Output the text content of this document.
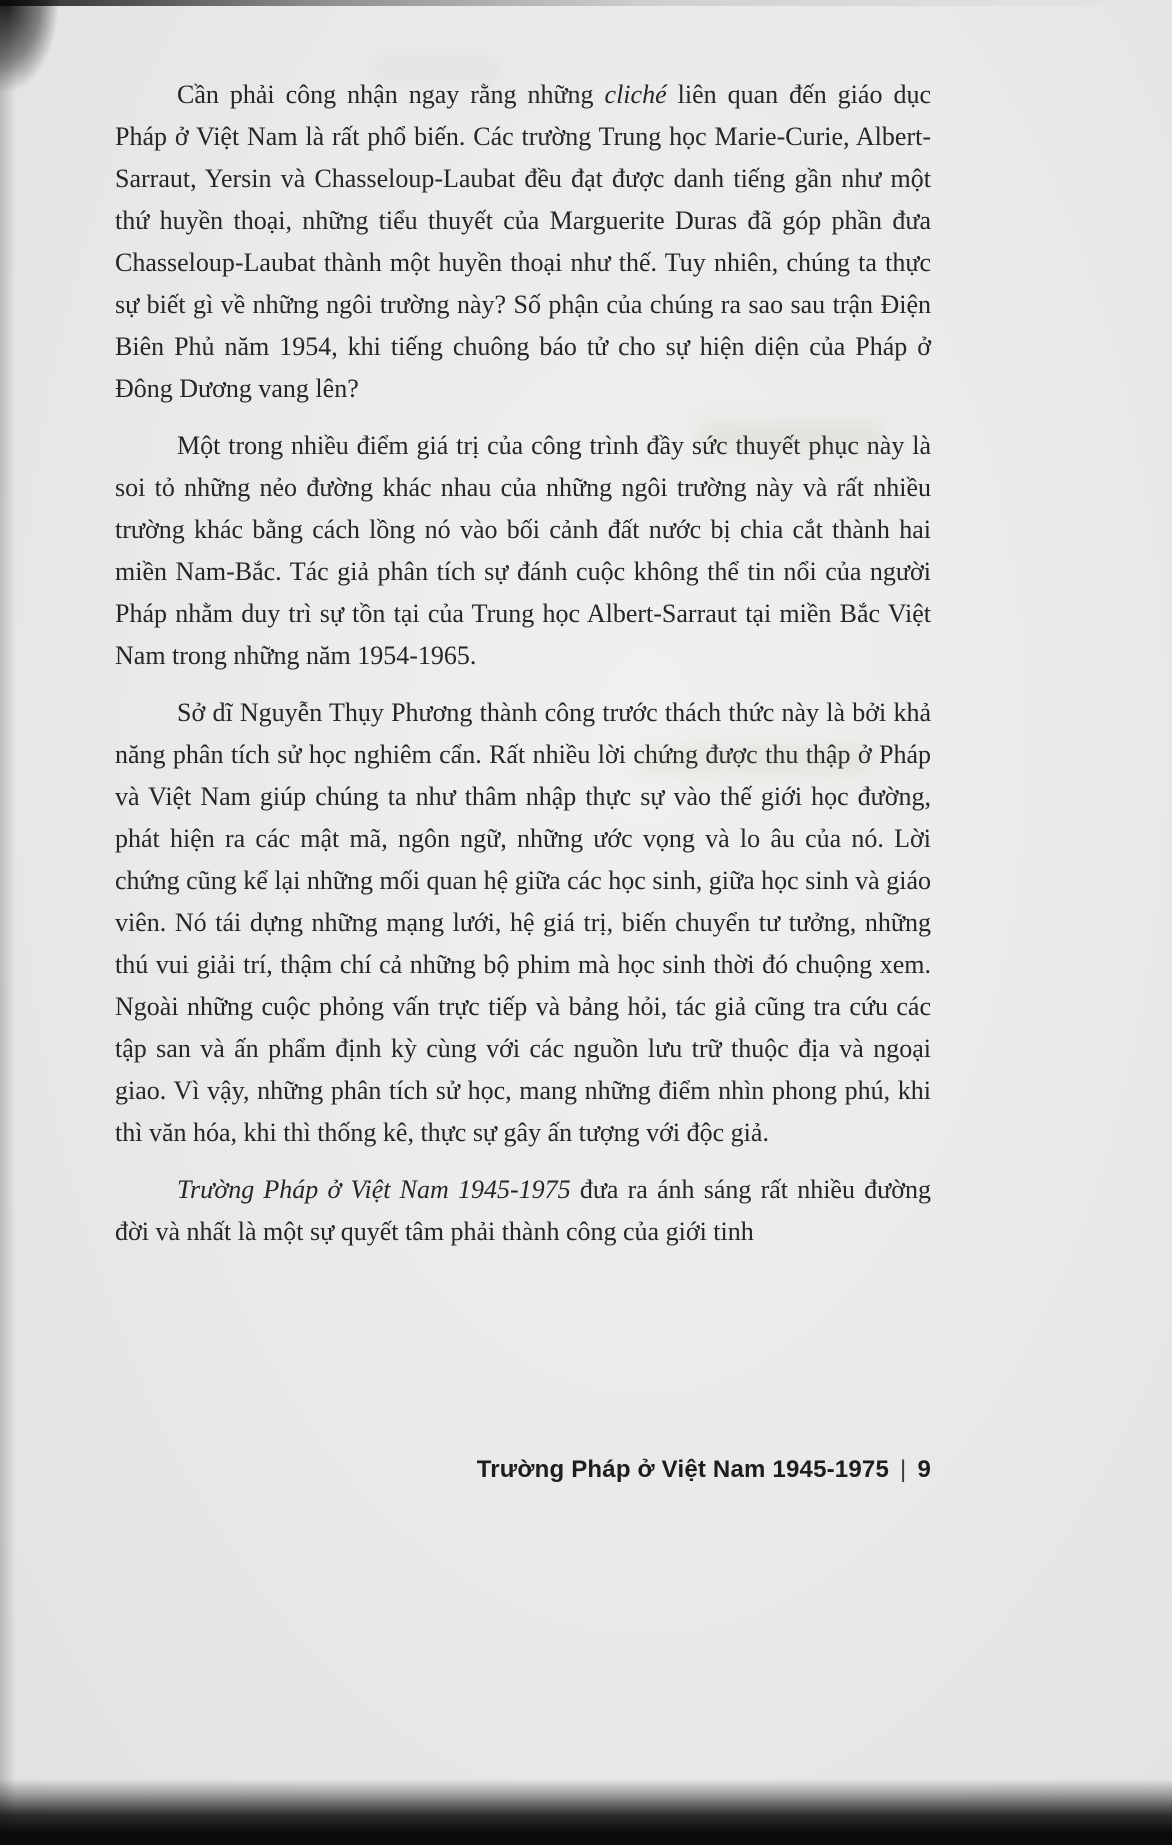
Cần phải công nhận ngay rằng những cliché liên quan đến giáo dục Pháp ở Việt Nam là rất phổ biến. Các trường Trung học Marie-Curie, Albert-Sarraut, Yersin và Chasseloup-Laubat đều đạt được danh tiếng gần như một thứ huyền thoại, những tiểu thuyết của Marguerite Duras đã góp phần đưa Chasseloup-Laubat thành một huyền thoại như thế. Tuy nhiên, chúng ta thực sự biết gì về những ngôi trường này? Số phận của chúng ra sao sau trận Điện Biên Phủ năm 1954, khi tiếng chuông báo tử cho sự hiện diện của Pháp ở Đông Dương vang lên?

Một trong nhiều điểm giá trị của công trình đầy sức thuyết phục này là soi tỏ những nẻo đường khác nhau của những ngôi trường này và rất nhiều trường khác bằng cách lồng nó vào bối cảnh đất nước bị chia cắt thành hai miền Nam-Bắc. Tác giả phân tích sự đánh cuộc không thể tin nổi của người Pháp nhằm duy trì sự tồn tại của Trung học Albert-Sarraut tại miền Bắc Việt Nam trong những năm 1954-1965.

Sở dĩ Nguyễn Thụy Phương thành công trước thách thức này là bởi khả năng phân tích sử học nghiêm cẩn. Rất nhiều lời chứng được thu thập ở Pháp và Việt Nam giúp chúng ta như thâm nhập thực sự vào thế giới học đường, phát hiện ra các mật mã, ngôn ngữ, những ước vọng và lo âu của nó. Lời chứng cũng kể lại những mối quan hệ giữa các học sinh, giữa học sinh và giáo viên. Nó tái dựng những mạng lưới, hệ giá trị, biến chuyển tư tưởng, những thú vui giải trí, thậm chí cả những bộ phim mà học sinh thời đó chuộng xem. Ngoài những cuộc phỏng vấn trực tiếp và bảng hỏi, tác giả cũng tra cứu các tập san và ấn phẩm định kỳ cùng với các nguồn lưu trữ thuộc địa và ngoại giao. Vì vậy, những phân tích sử học, mang những điểm nhìn phong phú, khi thì văn hóa, khi thì thống kê, thực sự gây ấn tượng với độc giả.

Trường Pháp ở Việt Nam 1945-1975 đưa ra ánh sáng rất nhiều đường đời và nhất là một sự quyết tâm phải thành công của giới tinh

Trường Pháp ở Việt Nam 1945-1975 | 9
